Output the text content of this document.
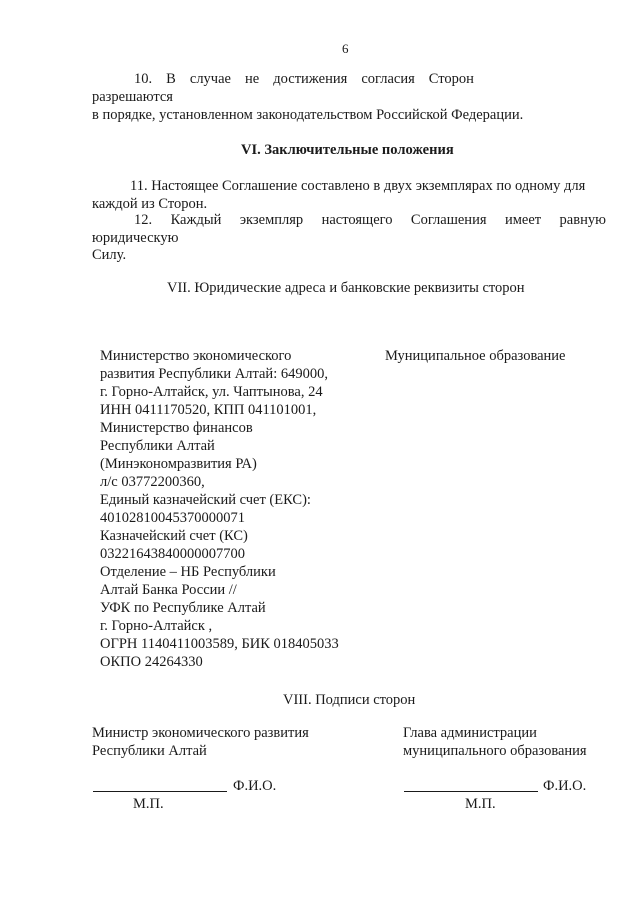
6
10. В случае не достижения согласия Сторон
разрешаются
в порядке, установленном законодательством Российской Федерации.
VI. Заключительные положения
11. Настоящее Соглашение составлено в двух экземплярах по одному для
каждой из Сторон.
12. Каждый экземпляр настоящего Соглашения имеет равную
юридическую
Силу.
VII. Юридические адреса и банковские реквизиты сторон
Министерство экономического
развития Республики Алтай: 649000,
г. Горно-Алтайск, ул. Чаптынова, 24
ИНН 0411170520, КПП 041101001,
Министерство финансов
Республики Алтай
(Минэкономразвития РА)
л/с 03772200360,
Единый казначейский счет (ЕКС):
40102810045370000071
Казначейский счет (КС)
03221643840000007700
Отделение – НБ Республики
Алтай Банка России //
УФК по Республике Алтай
г. Горно-Алтайск ,
ОГРН 1140411003589, БИК 018405033
ОКПО 24264330
Муниципальное образование
VIII. Подписи сторон
Министр экономического развития
Республики Алтай
Ф.И.О.
М.П.
Глава администрации
муниципального образования
Ф.И.О.
М.П.
